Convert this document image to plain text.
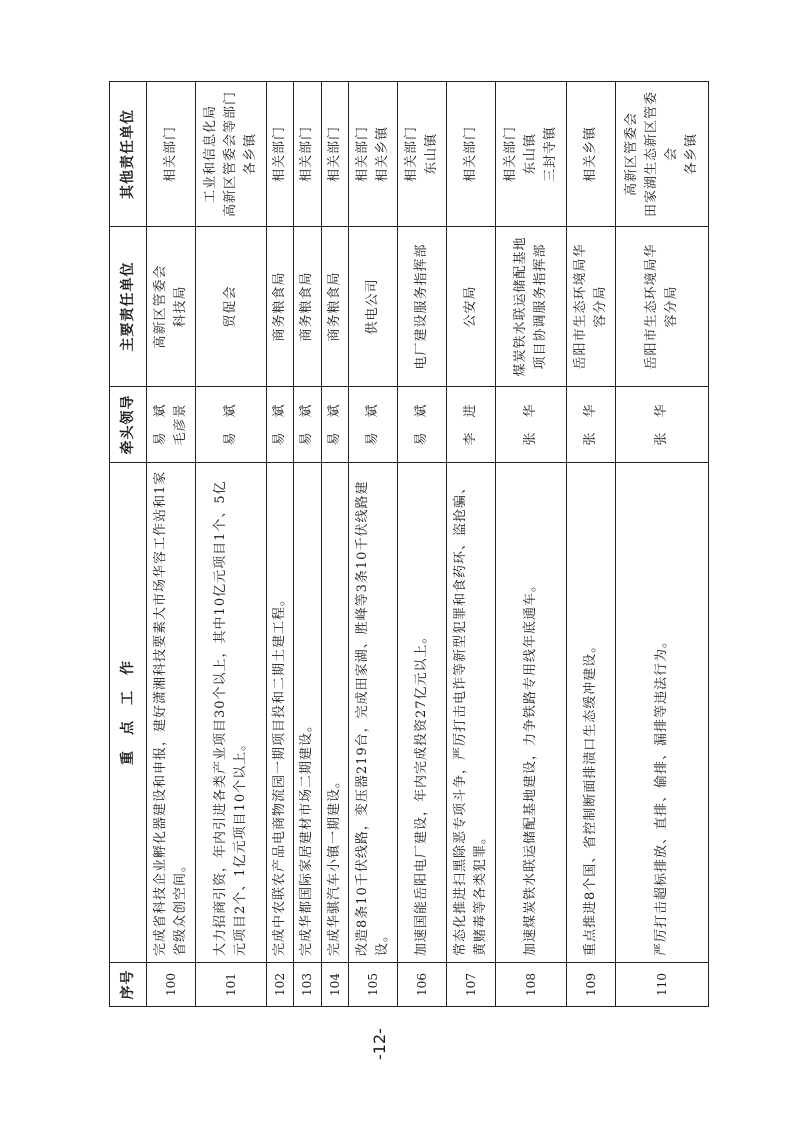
序号	重　点　工　作	牵头领导	主要责任单位	其他责任单位
100	完成省科技企业孵化器建设和申报，建好潇湘科技要素大市场华容工作站和1家省级众创空间。	易　斌 毛彦景	高新区管委会 科技局	相关部门

101	大力招商引资，年内引进各类产业项目30个以上，其中10亿元项目1个、5亿元项目2个、1亿元项目10个以上。	易　斌	贸促会	工业和信息化局 高新区管委会等部门 各乡镇

102	完成中农联农产品电商物流园一期项目投和二期土建工程。	易　斌	商务粮食局	相关部门

103	完成华都国际家居建材市场二期建设。	易　斌	商务粮食局	相关部门

104	完成华骐汽车小镇一期建设。	易　斌	商务粮食局	相关部门

105	改造8条10千伏线路，变压器219台，完成田家湖、胜峰等3条10千伏线路建设。	易　斌	供电公司	相关部门 相关乡镇

106	加速国能岳阳电厂建设，年内完成投资27亿元以上。	易　斌	电厂建设服务指挥部	相关部门 东山镇

107	常态化推进扫黑除恶专项斗争，严厉打击电诈等新型犯罪和食药环、盗抢骗、黄赌毒等各类犯罪。	李　进	公安局	相关部门

108	加速煤炭铁水联运储配基地建设，力争铁路专用线年底通车。	张　华	煤炭铁水联运储配基地 项目协调服务指挥部	相关部门 东山镇 三封寺镇

109	重点推进8个国、省控制断面排渍口生态缓冲建设。	张　华	岳阳市生态环境局华 容分局	相关乡镇

110	严厉打击超标排放、直排、偷排、漏排等违法行为。	张　华	岳阳市生态环境局华 容分局	高新区管委会 田家湖生态新区管委会 各乡镇
-12-
